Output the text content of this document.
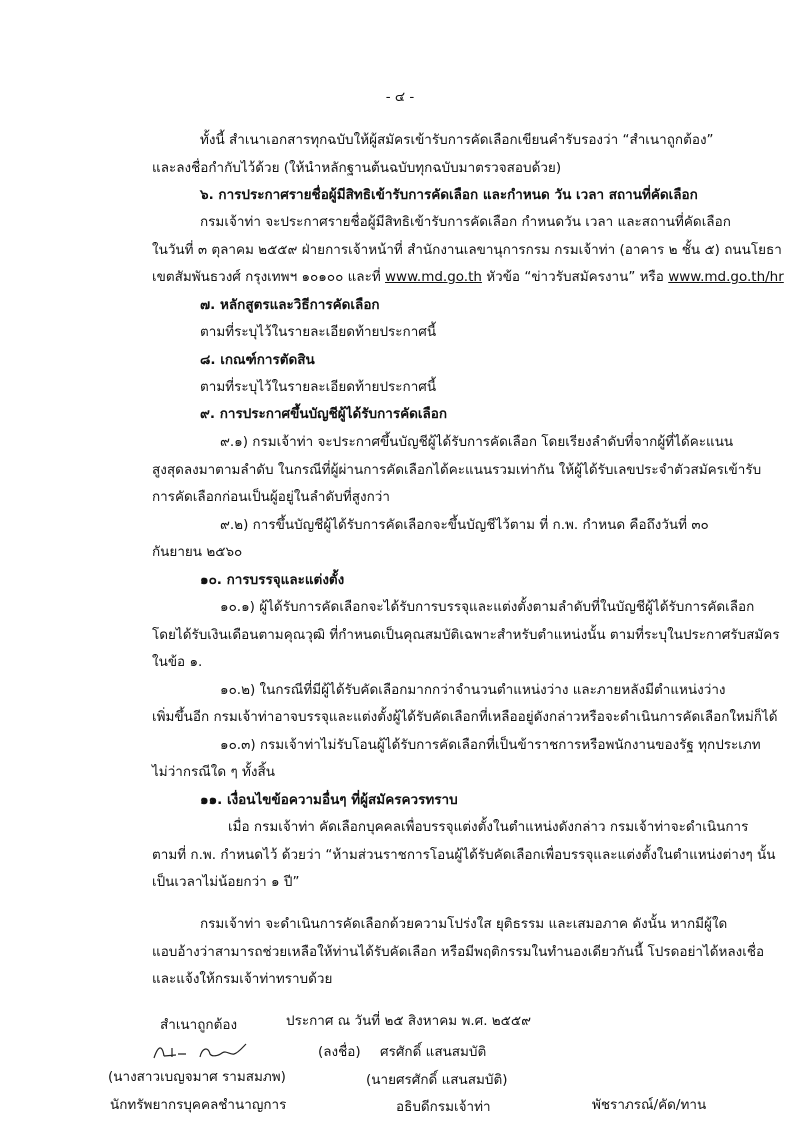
- ๔ -
ทั้งนี้ สำเนาเอกสารทุกฉบับให้ผู้สมัครเข้ารับการคัดเลือกเขียนคำรับรองว่า “สำเนาถูกต้อง”
และลงชื่อกำกับไว้ด้วย (ให้นำหลักฐานต้นฉบับทุกฉบับมาตรวจสอบด้วย)
๖. การประกาศรายชื่อผู้มีสิทธิเข้ารับการคัดเลือก และกำหนด วัน เวลา สถานที่คัดเลือก
กรมเจ้าท่า จะประกาศรายชื่อผู้มีสิทธิเข้ารับการคัดเลือก กำหนดวัน เวลา และสถานที่คัดเลือก
ในวันที่ ๓ ตุลาคม ๒๕๕๙ ฝ่ายการเจ้าหน้าที่ สำนักงานเลขานุการกรม กรมเจ้าท่า (อาคาร ๒ ชั้น ๕) ถนนโยธา
เขตสัมพันธวงศ์ กรุงเทพฯ ๑๐๑๐๐ และที่ www.md.go.th หัวข้อ “ข่าวรับสมัครงาน” หรือ www.md.go.th/hr
๗. หลักสูตรและวิธีการคัดเลือก
ตามที่ระบุไว้ในรายละเอียดท้ายประกาศนี้
๘. เกณฑ์การตัดสิน
ตามที่ระบุไว้ในรายละเอียดท้ายประกาศนี้
๙. การประกาศขึ้นบัญชีผู้ได้รับการคัดเลือก
๙.๑) กรมเจ้าท่า จะประกาศขึ้นบัญชีผู้ได้รับการคัดเลือก โดยเรียงลำดับที่จากผู้ที่ได้คะแนน
สูงสุดลงมาตามลำดับ ในกรณีที่ผู้ผ่านการคัดเลือกได้คะแนนรวมเท่ากัน ให้ผู้ได้รับเลขประจำตัวสมัครเข้ารับ
การคัดเลือกก่อนเป็นผู้อยู่ในลำดับที่สูงกว่า
๙.๒) การขึ้นบัญชีผู้ได้รับการคัดเลือกจะขึ้นบัญชีไว้ตาม ที่ ก.พ. กำหนด คือถึงวันที่ ๓๐
กันยายน ๒๕๖๐
๑๐. การบรรจุและแต่งตั้ง
๑๐.๑) ผู้ได้รับการคัดเลือกจะได้รับการบรรจุและแต่งตั้งตามลำดับที่ในบัญชีผู้ได้รับการคัดเลือก
โดยได้รับเงินเดือนตามคุณวุฒิ ที่กำหนดเป็นคุณสมบัติเฉพาะสำหรับตำแหน่งนั้น ตามที่ระบุในประกาศรับสมัคร
ในข้อ ๑.
๑๐.๒) ในกรณีที่มีผู้ได้รับคัดเลือกมากกว่าจำนวนตำแหน่งว่าง และภายหลังมีตำแหน่งว่าง
เพิ่มขึ้นอีก กรมเจ้าท่าอาจบรรจุและแต่งตั้งผู้ได้รับคัดเลือกที่เหลืออยู่ดังกล่าวหรือจะดำเนินการคัดเลือกใหม่ก็ได้
๑๐.๓) กรมเจ้าท่าไม่รับโอนผู้ได้รับการคัดเลือกที่เป็นข้าราชการหรือพนักงานของรัฐ ทุกประเภท
ไม่ว่ากรณีใด ๆ ทั้งสิ้น
๑๑. เงื่อนไขข้อความอื่นๆ ที่ผู้สมัครควรทราบ
เมื่อ กรมเจ้าท่า คัดเลือกบุคคลเพื่อบรรจุแต่งตั้งในตำแหน่งดังกล่าว กรมเจ้าท่าจะดำเนินการ
ตามที่ ก.พ. กำหนดไว้ ด้วยว่า “ห้ามส่วนราชการโอนผู้ได้รับคัดเลือกเพื่อบรรจุและแต่งตั้งในตำแหน่งต่างๆ นั้น
เป็นเวลาไม่น้อยกว่า ๑ ปี”
กรมเจ้าท่า จะดำเนินการคัดเลือกด้วยความโปร่งใส ยุติธรรม และเสมอภาค ดังนั้น หากมีผู้ใด
แอบอ้างว่าสามารถช่วยเหลือให้ท่านได้รับคัดเลือก หรือมีพฤติกรรมในทำนองเดียวกันนี้ โปรดอย่าได้หลงเชื่อ
และแจ้งให้กรมเจ้าท่าทราบด้วย
ประกาศ ณ วันที่ ๒๕ สิงหาคม พ.ศ. ๒๕๕๙
(ลงชื่อ) ศรศักดิ์ แสนสมบัติ
(นายศรศักดิ์ แสนสมบัติ)
อธิบดีกรมเจ้าท่า
สำเนาถูกต้อง
(นางสาวเบญจมาศ รามสมภพ)
นักทรัพยากรบุคคลชำนาญการ	พัชราภรณ์/คัด/ทาน
